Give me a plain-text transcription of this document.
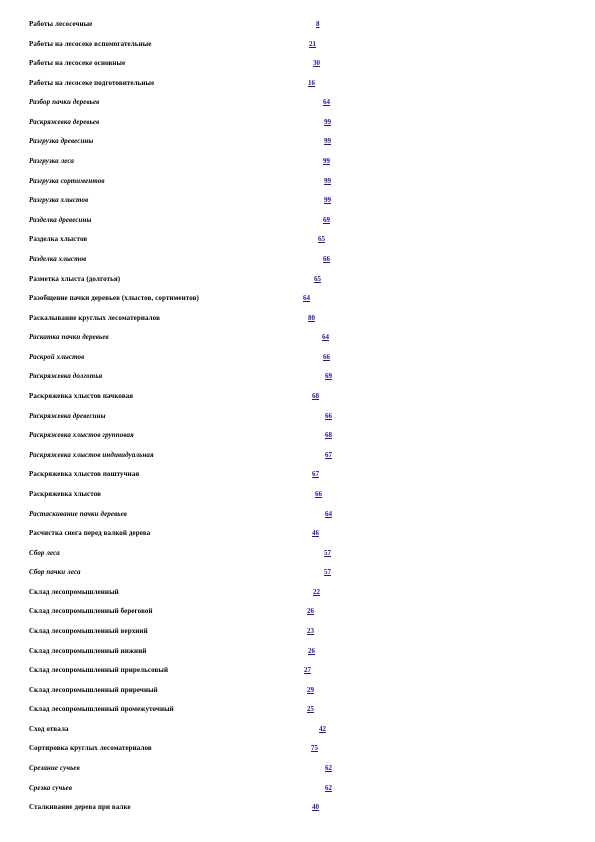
Работы лесосечные	8
Работы на лесосеке вспомогательные	21
Работы на лесосеке основные	30
Работы на лесосеке подготовительные	16
Разбор пачки деревьев	64
Раскряжевка деревьев	99
Разгрузка древесины	99
Разгрузка леса	99
Разгрузка сортиментов	99
Разгрузка хлыстов	99
Разделка древесины	69
Разделка хлыстов	65
Разделка хлыстов	66
Разметка хлыста (долготья)	65
Разобщение пачки деревьев (хлыстов, сортиментов)	64
Раскалывание круглых лесоматериалов	80
Раскатка пачки деревьев	64
Раскрой хлыстов	66
Раскряжевка долготья	69
Раскряжевка хлыстов пачковая	68
Раскряжевка древесины	66
Раскряжевка хлыстов групповая	68
Раскряжевка хлыстов индивидуальная	67
Раскряжевка хлыстов поштучная	67
Раскряжевка хлыстов	66
Растаскивание пачки деревьев	64
Расчистка снега перед валкой дерева	46
Сбор леса	57
Сбор пачки леса	57
Склад лесопромышленный	22
Склад лесопромышленный береговой	26
Склад лесопромышленный верхний	23
Склад лесопромышленный нижний	26
Склад лесопромышленный прирельсовый	27
Склад лесопромышленный приречный	29
Склад лесопромышленный промежуточный	25
Сход отвала	42
Сортировка круглых лесоматериалов	75
Срезание сучьев	62
Срезка сучьев	62
Сталкивание дерева при валке	40
